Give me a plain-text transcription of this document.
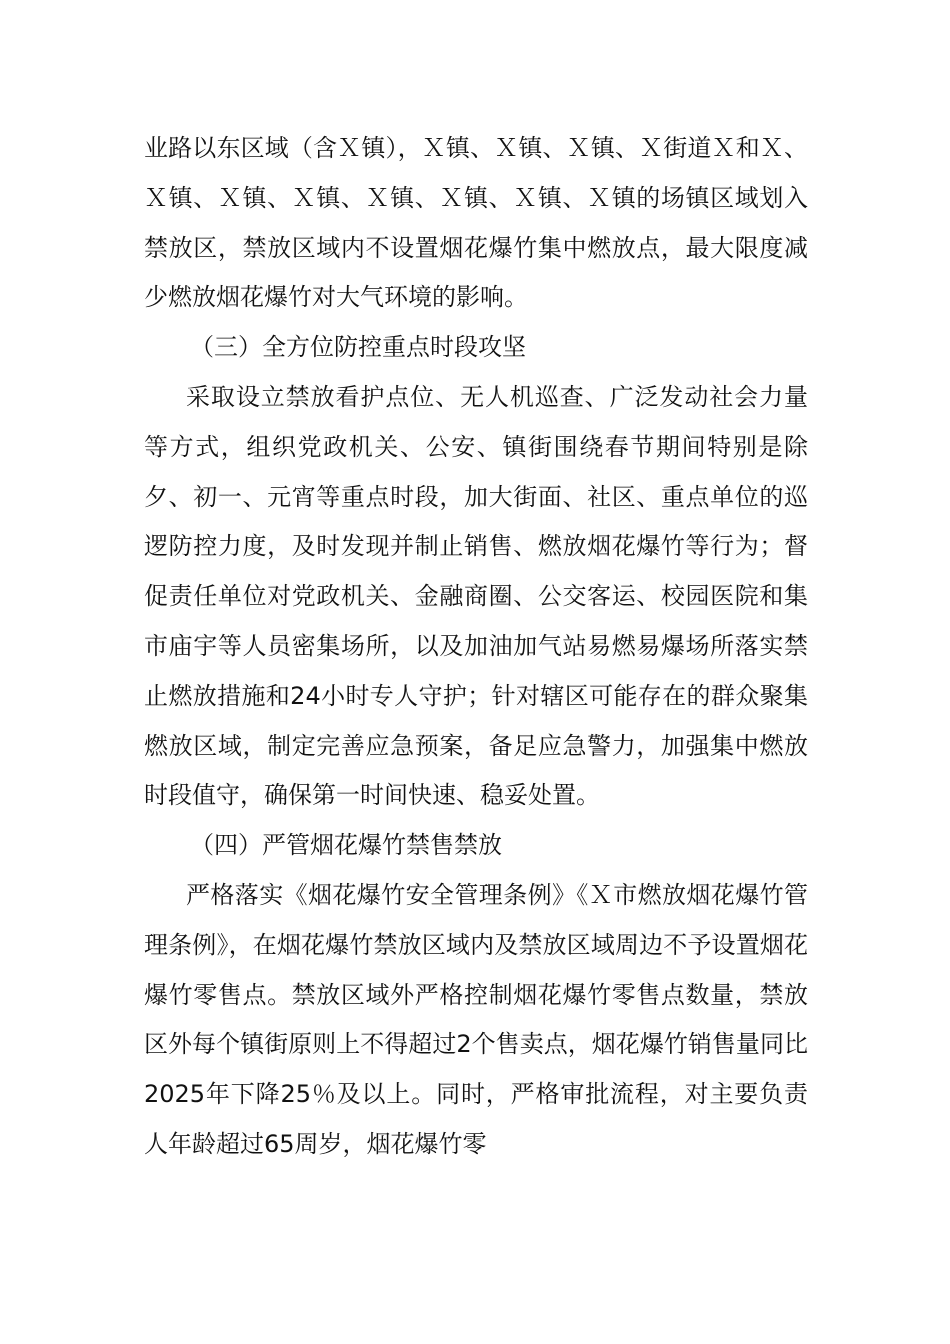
业路以东区域（含Ｘ镇），Ｘ镇、Ｘ镇、Ｘ镇、Ｘ街道Ｘ和Ｘ、Ｘ镇、Ｘ镇、Ｘ镇、Ｘ镇、Ｘ镇、Ｘ镇、Ｘ镇的场镇区域划入禁放区，禁放区域内不设置烟花爆竹集中燃放点，最大限度减少燃放烟花爆竹对大气环境的影响。

（三）全方位防控重点时段攻坚

采取设立禁放看护点位、无人机巡查、广泛发动社会力量等方式，组织党政机关、公安、镇街围绕春节期间特别是除夕、初一、元宵等重点时段，加大街面、社区、重点单位的巡逻防控力度，及时发现并制止销售、燃放烟花爆竹等行为；督促责任单位对党政机关、金融商圈、公交客运、校园医院和集市庙宇等人员密集场所，以及加油加气站易燃易爆场所落实禁止燃放措施和24小时专人守护；针对辖区可能存在的群众聚集燃放区域，制定完善应急预案，备足应急警力，加强集中燃放时段值守，确保第一时间快速、稳妥处置。

（四）严管烟花爆竹禁售禁放

严格落实《烟花爆竹安全管理条例》《Ｘ市燃放烟花爆竹管理条例》，在烟花爆竹禁放区域内及禁放区域周边不予设置烟花爆竹零售点。禁放区域外严格控制烟花爆竹零售点数量，禁放区外每个镇街原则上不得超过2个售卖点，烟花爆竹销售量同比2025年下降25％及以上。同时，严格审批流程，对主要负责人年龄超过65周岁，烟花爆竹零
